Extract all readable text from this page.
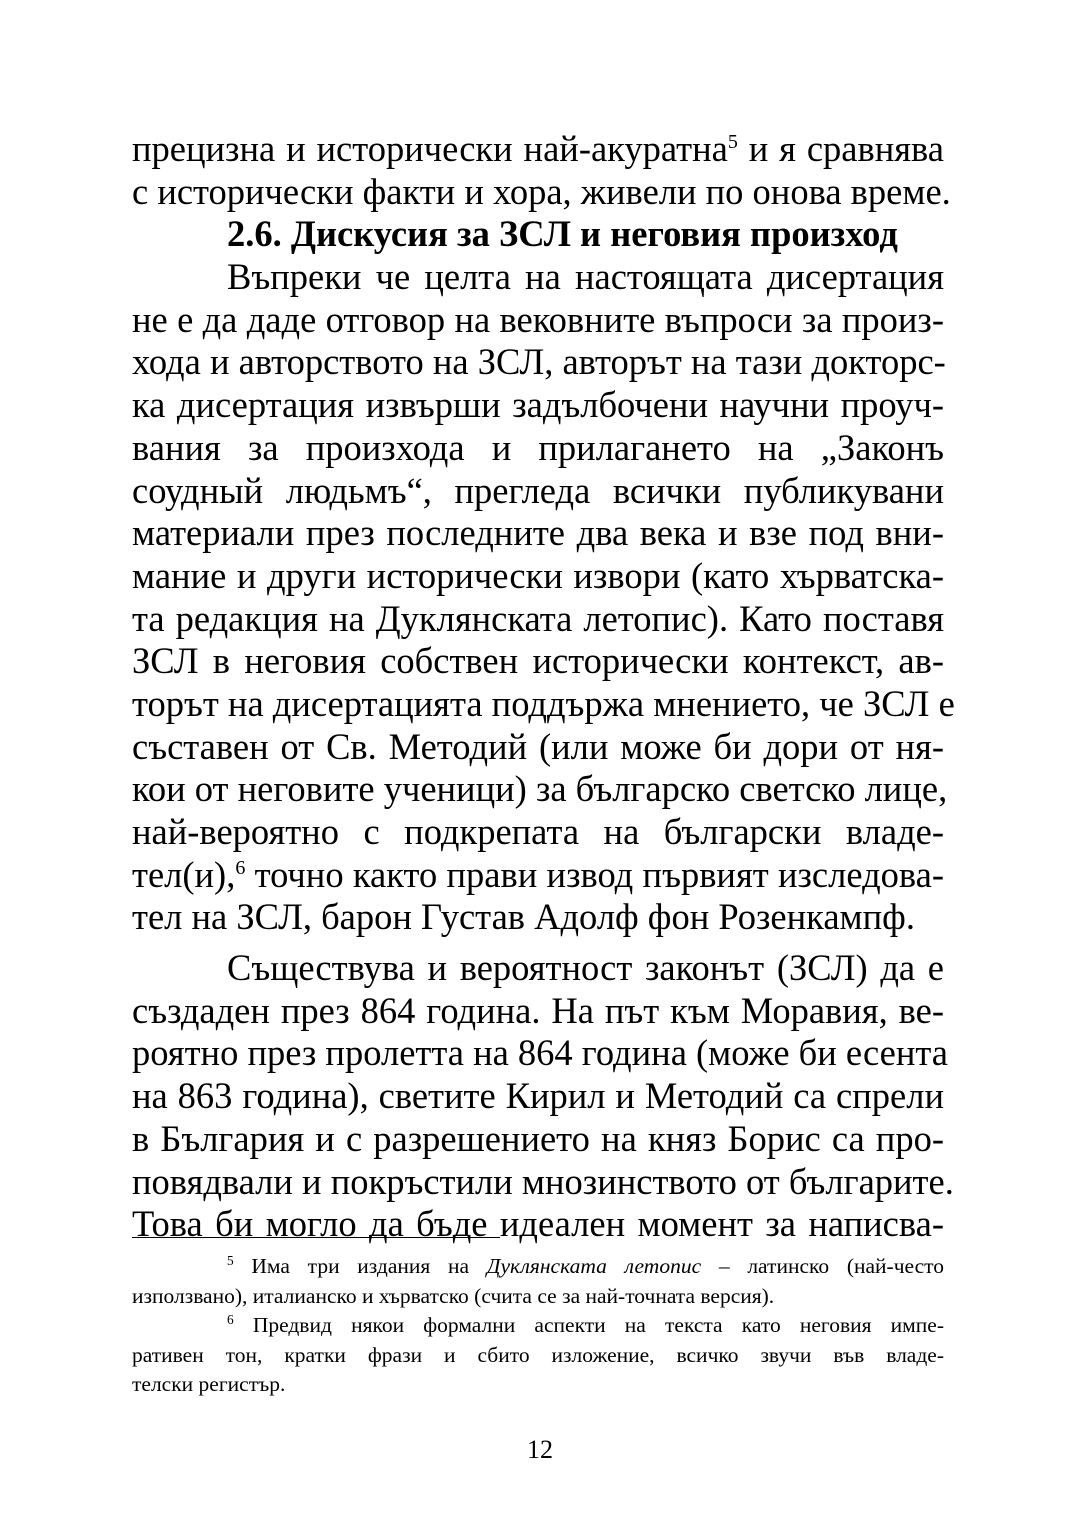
прецизна и исторически най-акуратна$^5$ и я сравнява
с исторически факти и хора, живели по онова време.
2.6. Дискусия за ЗСЛ и неговия произход
Въпреки че целта на настоящата дисертация
не е да даде отговор на вековните въпроси за произ-
хода и авторството на ЗСЛ, авторът на тази докторс-
ка дисертация извърши задълбочени научни проуч-
вания за произхода и прилагането на „Законъ
соудный людьмъ“, прегледа всички публикувани
материали през последните два века и взе под вни-
мание и други исторически извори (като хърватска-
та редакция на Дуклянската летопис). Като поставя
ЗСЛ в неговия собствен исторически контекст, ав-
торът на дисертацията поддържа мнението, че ЗСЛ е
съставен от Св. Методий (или може би дори от ня-
кои от неговите ученици) за българско светско лице,
най-вероятно с подкрепата на български владе-
тел(и),$^6$ точно както прави извод първият изследова-
тел на ЗСЛ, барон Густав Адолф фон Розенкампф.
Съществува и вероятност законът (ЗСЛ) да е
създаден през 864 година. На път към Моравия, ве-
роятно през пролетта на 864 година (може би есента
на 863 година), светите Кирил и Методий са спрели
в България и с разрешението на княз Борис са про-
повядвали и покръстили мнозинството от българите.
Това би могло да бъде идеален момент за написва-
$^5$ Има три издания на Дуклянската летопис – латинско (най-често
използвано), италианско и хърватско (счита се за най-точната версия).
$^6$ Предвид някои формални аспекти на текста като неговия импе-
ративен тон, кратки фрази и сбито изложение, всичко звучи във владе-
телски регистър.
12
